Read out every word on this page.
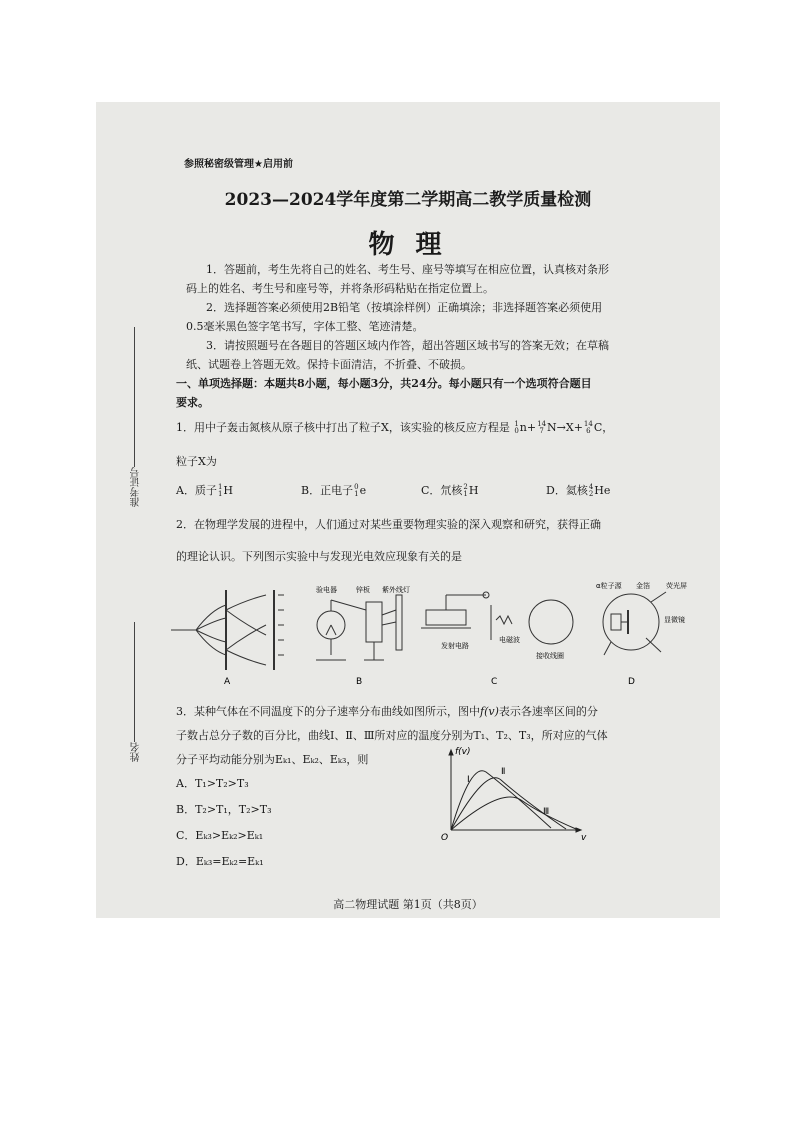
准考证号
姓名
参照秘密级管理★启用前
2023—2024学年度第二学期高二教学质量检测
物 理
1．答题前，考生先将自己的姓名、考生号、座号等填写在相应位置，认真核对条形
码上的姓名、考生号和座号等，并将条形码粘贴在指定位置上。
2．选择题答案必须使用2B铅笔（按填涂样例）正确填涂；非选择题答案必须使用
0.5毫米黑色签字笔书写，字体工整、笔迹清楚。
3．请按照题号在各题目的答题区域内作答，超出答题区域书写的答案无效；在草稿
纸、试题卷上答题无效。保持卡面清洁，不折叠、不破损。
一、单项选择题：本题共8小题，每小题3分，共24分。每小题只有一个选项符合题目
要求。
1．用中子轰击氮核从原子核中打出了粒子X，该实验的核反应方程是 1
0 n+ 14
7 N→X+ 14
6 C，
粒子X为
A．质子 1
1 H	B．正电子 0
1 e	C．氘核 2
1 H	D．氦核 4
2 He
2．在物理学发展的进程中，人们通过对某些重要物理实验的深入观察和研究，获得正确
的理论认识。下列图示实验中与发现光电效应现象有关的是
A
验电器	锌板 紫外线灯
B
发射电路
电磁波
接收线圈
C
α粒子源 金箔 荧光屏
显微镜
D
3．某种气体在不同温度下的分子速率分布曲线如图所示，图中f(v)表示各速率区间的分
子数占总分子数的百分比，曲线Ⅰ、Ⅱ、Ⅲ所对应的温度分别为T₁、T₂、T₃，所对应的气体
分子平均动能分别为Eₖ₁、Eₖ₂、Eₖ₃，则
A．T₁>T₂>T₃
B．T₂>T₁，T₂>T₃
C．Eₖ₃>Eₖ₂>Eₖ₁
D．Eₖ₃=Eₖ₂=Eₖ₁
f(v)
v
O
Ⅰ
Ⅱ
Ⅲ
高二物理试题 第1页（共8页）
